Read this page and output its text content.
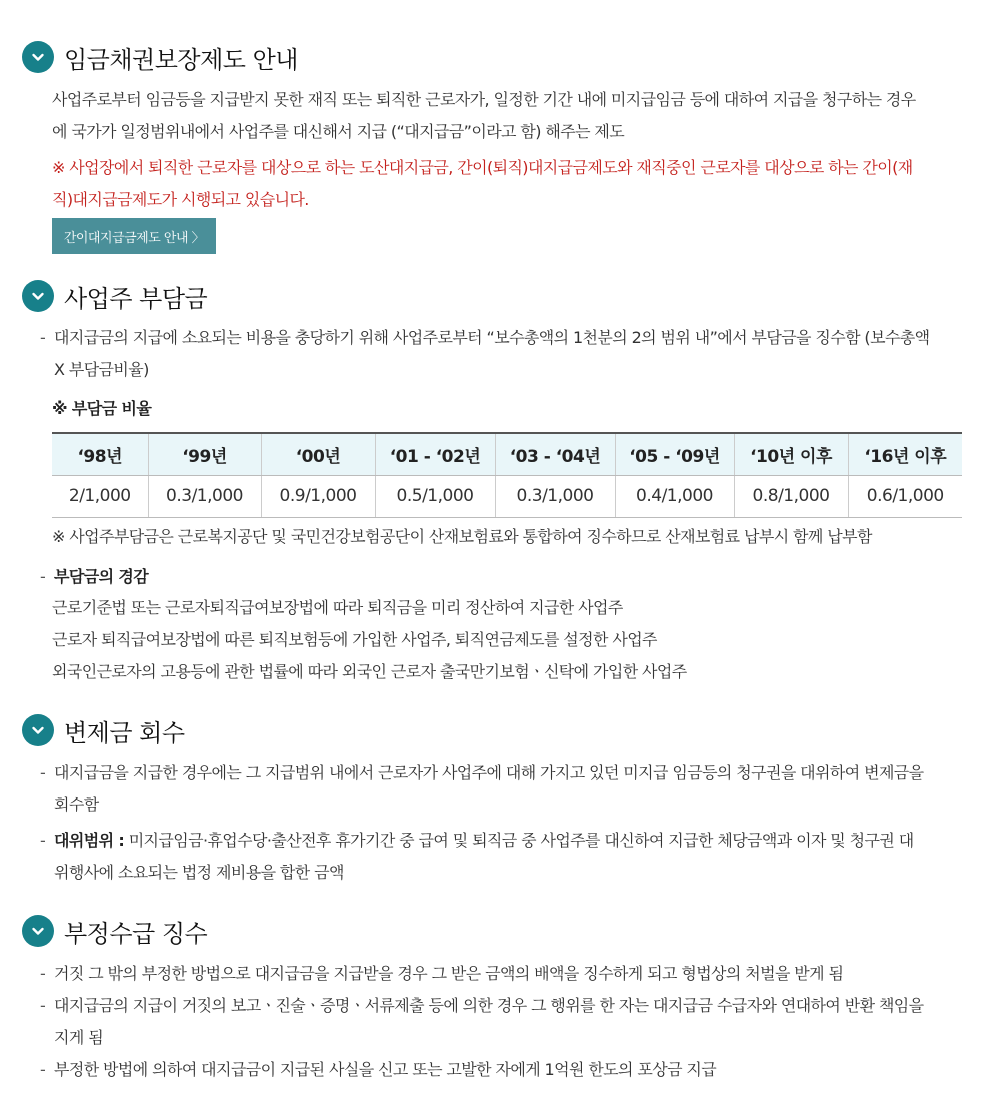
임금채권보장제도 안내
사업주로부터 임금등을 지급받지 못한 재직 또는 퇴직한 근로자가, 일정한 기간 내에 미지급임금 등에 대하여 지급을 청구하는 경우
에 국가가 일정범위내에서 사업주를 대신해서 지급 (“대지급금”이라고 함) 해주는 제도
※ 사업장에서 퇴직한 근로자를 대상으로 하는 도산대지급금, 간이(퇴직)대지급금제도와 재직중인 근로자를 대상으로 하는 간이(재
직)대지급금제도가 시행되고 있습니다.
간이대지급금제도 안내 〉
사업주 부담금
- 대지급금의 지급에 소요되는 비용을 충당하기 위해 사업주로부터 “보수총액의 1천분의 2의 범위 내”에서 부담금을 징수함 (보수총액
X 부담금비율)
※ 부담금 비율
‘98년	‘99년	‘00년	‘01 - ‘02년	‘03 - ‘04년	‘05 - ‘09년	‘10년 이후	‘16년 이후
2/1,000	0.3/1,000	0.9/1,000	0.5/1,000	0.3/1,000	0.4/1,000	0.8/1,000	0.6/1,000
※ 사업주부담금은 근로복지공단 및 국민건강보험공단이 산재보험료와 통합하여 징수하므로 산재보험료 납부시 함께 납부함
- 부담금의 경감
근로기준법 또는 근로자퇴직급여보장법에 따라 퇴직금을 미리 정산하여 지급한 사업주
근로자 퇴직급여보장법에 따른 퇴직보험등에 가입한 사업주, 퇴직연금제도를 설정한 사업주
외국인근로자의 고용등에 관한 법률에 따라 외국인 근로자 출국만기보험ㆍ신탁에 가입한 사업주
변제금 회수
- 대지급금을 지급한 경우에는 그 지급범위 내에서 근로자가 사업주에 대해 가지고 있던 미지급 임금등의 청구권을 대위하여 변제금을
회수함
- 대위범위 : 미지급임금·휴업수당·출산전후 휴가기간 중 급여 및 퇴직금 중 사업주를 대신하여 지급한 체당금액과 이자 및 청구권 대
위행사에 소요되는 법정 제비용을 합한 금액
부정수급 징수
- 거짓 그 밖의 부정한 방법으로 대지급금을 지급받을 경우 그 받은 금액의 배액을 징수하게 되고 형법상의 처벌을 받게 됨
- 대지급금의 지급이 거짓의 보고ㆍ진술ㆍ증명ㆍ서류제출 등에 의한 경우 그 행위를 한 자는 대지급금 수급자와 연대하여 반환 책임을
지게 됨
- 부정한 방법에 의하여 대지급금이 지급된 사실을 신고 또는 고발한 자에게 1억원 한도의 포상금 지급
